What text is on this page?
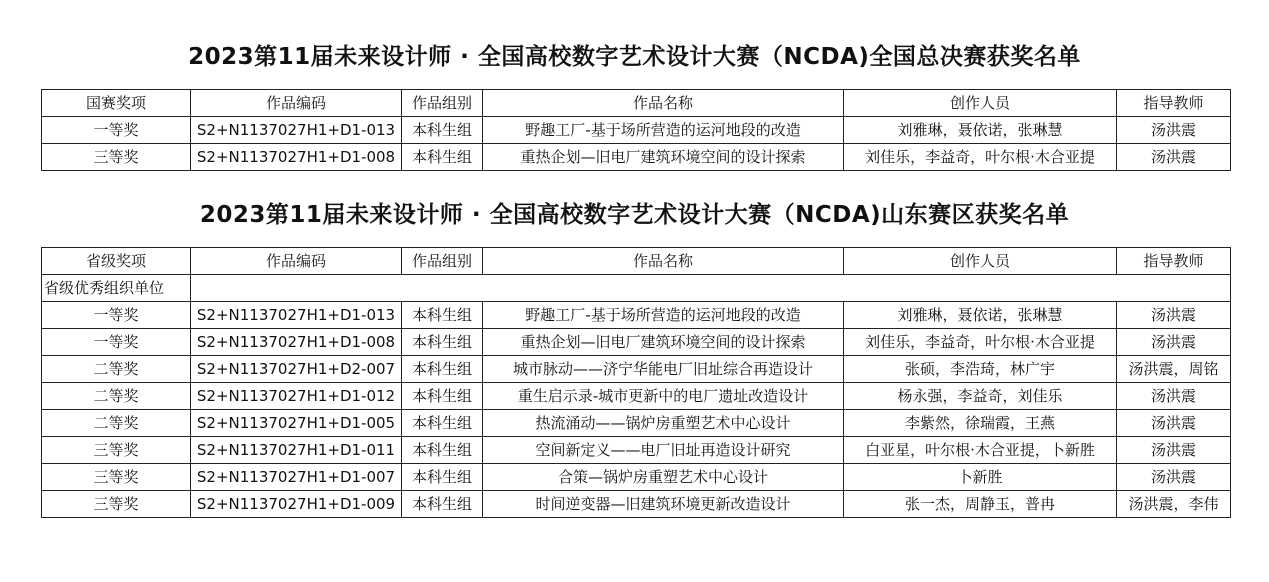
2023第11届未来设计师 · 全国高校数字艺术设计大赛（NCDA)全国总决赛获奖名单
国赛奖项	作品编码	作品组别	作品名称	创作人员	指导教师
一等奖	S2+N1137027H1+D1-013	本科生组	野趣工厂-基于场所营造的运河地段的改造	刘雅琳，聂依诺，张琳慧	汤洪震
三等奖	S2+N1137027H1+D1-008	本科生组	重热企划—旧电厂建筑环境空间的设计探索	刘佳乐，李益奇，叶尔根·木合亚提	汤洪震
2023第11届未来设计师 · 全国高校数字艺术设计大赛（NCDA)山东赛区获奖名单
省级奖项	作品编码	作品组别	作品名称	创作人员	指导教师
省级优秀组织单位					
一等奖	S2+N1137027H1+D1-013	本科生组	野趣工厂-基于场所营造的运河地段的改造	刘雅琳，聂依诺，张琳慧	汤洪震
一等奖	S2+N1137027H1+D1-008	本科生组	重热企划—旧电厂建筑环境空间的设计探索	刘佳乐，李益奇，叶尔根·木合亚提	汤洪震
二等奖	S2+N1137027H1+D2-007	本科生组	城市脉动——济宁华能电厂旧址综合再造设计	张硕，李浩琦，林广宇	汤洪震，周铭
二等奖	S2+N1137027H1+D1-012	本科生组	重生启示录-城市更新中的电厂遗址改造设计	杨永强，李益奇，刘佳乐	汤洪震
二等奖	S2+N1137027H1+D1-005	本科生组	热流涌动——锅炉房重塑艺术中心设计	李紫然，徐瑞霞，王燕	汤洪震
三等奖	S2+N1137027H1+D1-011	本科生组	空间新定义——电厂旧址再造设计研究	白亚星，叶尔根·木合亚提，卜新胜	汤洪震
三等奖	S2+N1137027H1+D1-007	本科生组	合策—锅炉房重塑艺术中心设计	卜新胜	汤洪震
三等奖	S2+N1137027H1+D1-009	本科生组	时间逆变器—旧建筑环境更新改造设计	张一杰，周静玉，普冉	汤洪震，李伟
